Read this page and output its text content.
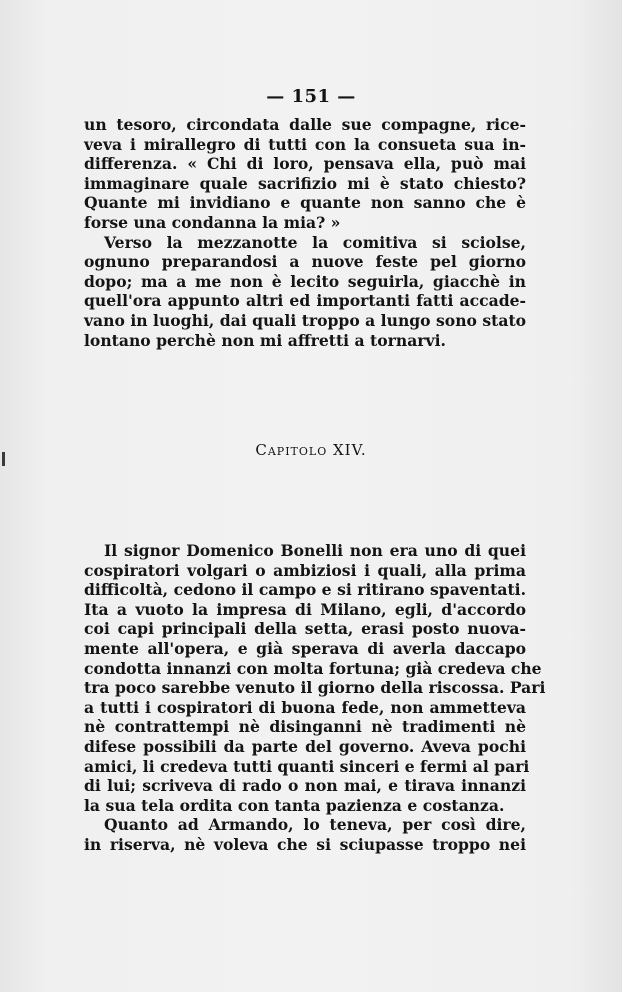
— 151 —
un tesoro, circondata dalle sue compagne, rice-
veva i mirallegro di tutti con la consueta sua in-
differenza. « Chi di loro, pensava ella, può mai
immaginare quale sacrifizio mi è stato chiesto?
Quante mi invidiano e quante non sanno che è
forse una condanna la mia? »
Verso la mezzanotte la comitiva si sciolse,
ognuno preparandosi a nuove feste pel giorno
dopo; ma a me non è lecito seguirla, giacchè in
quell'ora appunto altri ed importanti fatti accade-
vano in luoghi, dai quali troppo a lungo sono stato
lontano perchè non mi affretti a tornarvi.
Capitolo XIV.
Il signor Domenico Bonelli non era uno di quei
cospiratori volgari o ambiziosi i quali, alla prima
difficoltà, cedono il campo e si ritirano spaventati.
Ita a vuoto la impresa di Milano, egli, d'accordo
coi capi principali della setta, erasi posto nuova-
mente all'opera, e già sperava di averla daccapo
condotta innanzi con molta fortuna; già credeva che
tra poco sarebbe venuto il giorno della riscossa. Pari
a tutti i cospiratori di buona fede, non ammetteva
nè contrattempi nè disinganni nè tradimenti nè
difese possibili da parte del governo. Aveva pochi
amici, li credeva tutti quanti sinceri e fermi al pari
di lui; scriveva di rado o non mai, e tirava innanzi
la sua tela ordita con tanta pazienza e costanza.
Quanto ad Armando, lo teneva, per così dire,
in riserva, nè voleva che si sciupasse troppo nei
